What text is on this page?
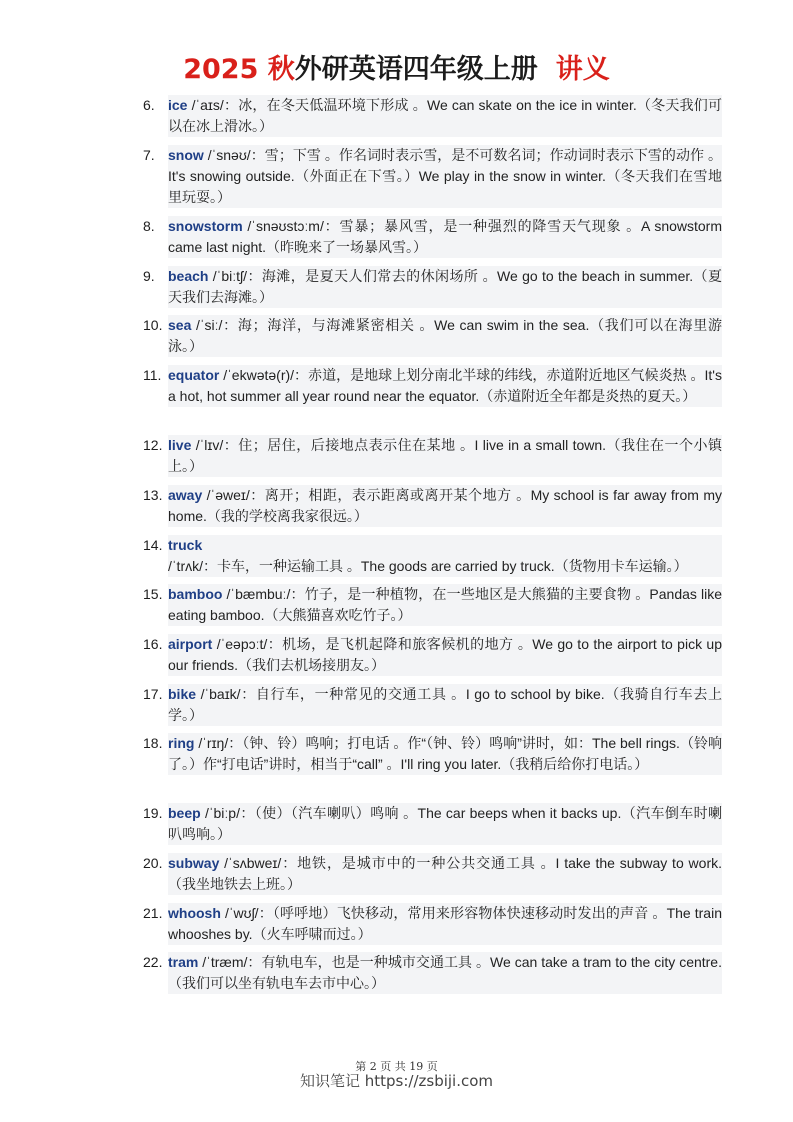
2025 秋外研英语四年级上册 讲义
6. ice /ˈaɪs/：冰，在冬天低温环境下形成 。We can skate on the ice in winter.（冬天我们可以在冰上滑冰。）
7. snow /ˈsnəʊ/：雪；下雪 。作名词时表示雪，是不可数名词；作动词时表示下雪的动作 。It's snowing outside.（外面正在下雪。）We play in the snow in winter.（冬天我们在雪地里玩耍。）
8. snowstorm /ˈsnəʊstɔːm/：雪暴；暴风雪，是一种强烈的降雪天气现象 。A snowstorm came last night.（昨晚来了一场暴风雪。）
9. beach /ˈbiːtʃ/：海滩，是夏天人们常去的休闲场所 。We go to the beach in summer.（夏天我们去海滩。）
10. sea /ˈsiː/：海；海洋，与海滩紧密相关 。We can swim in the sea.（我们可以在海里游泳。）
11. equator /ˈekwətə(r)/：赤道，是地球上划分南北半球的纬线，赤道附近地区气候炎热 。It's a hot, hot summer all year round near the equator.（赤道附近全年都是炎热的夏天。）
12. live /ˈlɪv/：住；居住，后接地点表示住在某地 。I live in a small town.（我住在一个小镇上。）
13. away /ˈəweɪ/：离开；相距，表示距离或离开某个地方 。My school is far away from my home.（我的学校离我家很远。）
14. truck /ˈtrʌk/：卡车，一种运输工具 。The goods are carried by truck.（货物用卡车运输。）
15. bamboo /ˈbæmbuː/：竹子，是一种植物，在一些地区是大熊猫的主要食物 。Pandas like eating bamboo.（大熊猫喜欢吃竹子。）
16. airport /ˈeəpɔːt/：机场，是飞机起降和旅客候机的地方 。We go to the airport to pick up our friends.（我们去机场接朋友。）
17. bike /ˈbaɪk/：自行车，一种常见的交通工具 。I go to school by bike.（我骑自行车去上学。）
18. ring /ˈrɪŋ/：（钟、铃）鸣响；打电话 。作“（钟、铃）鸣响”讲时，如：The bell rings.（铃响了。）作“打电话”讲时，相当于“call” 。I'll ring you later.（我稍后给你打电话。）
19. beep /ˈbiːp/：（使）（汽车喇叭）鸣响 。The car beeps when it backs up.（汽车倒车时喇叭鸣响。）
20. subway /ˈsʌbweɪ/：地铁，是城市中的一种公共交通工具 。I take the subway to work.（我坐地铁去上班。）
21. whoosh /ˈwʊʃ/：（呼呼地）飞快移动，常用来形容物体快速移动时发出的声音 。The train whooshes by.（火车呼啸而过。）
22. tram /ˈtræm/：有轨电车，也是一种城市交通工具 。We can take a tram to the city centre.（我们可以坐有轨电车去市中心。）
第 2 页 共 19 页
知识笔记 https://zsbiji.com
